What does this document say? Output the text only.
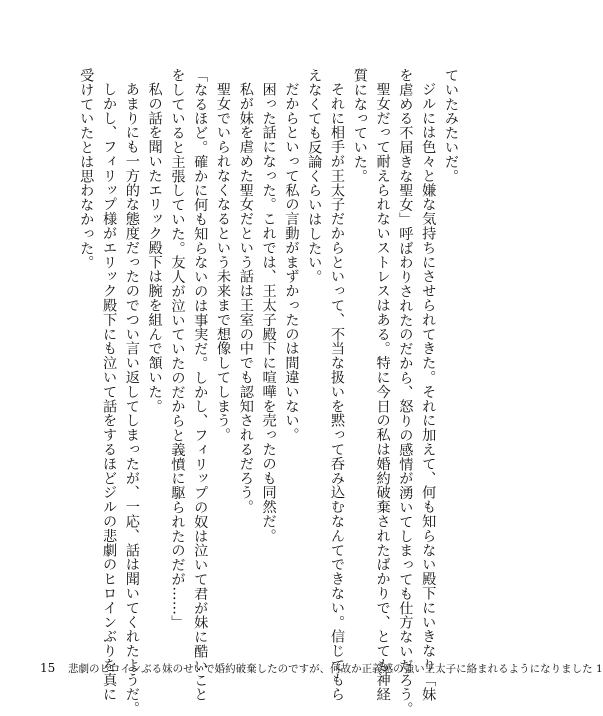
ていたみたいだ。
ジルには色々と嫌な気持ちにさせられてきた。それに加えて、何も知らない殿下にいきなり「妹
を虐める不届きな聖女」呼ばわりされたのだから、怒りの感情が湧いてしまっても仕方ないだろう。
聖女だって耐えられないストレスはある。特に今日の私は婚約破棄されたばかりで、とても神経
質になっていた。
それに相手が王太子だからといって、不当な扱いを黙って呑み込むなんてできない。信じてもら
えなくても反論くらいはしたい。
だからといって私の言動がまずかったのは間違いない。
困った話になった。これでは、王太子殿下に喧嘩を売ったのも同然だ。
私が妹を虐めた聖女だという話は王室の中でも認知されるだろう。
聖女でいられなくなるという未来まで想像してしまう。
「なるほど。確かに何も知らないのは事実だ。しかし、フィリップの奴は泣いて君が妹に酷いこと
をしていると主張していた。友人が泣いていたのだからと義憤に駆られたのだが……」
私の話を聞いたエリック殿下は腕を組んで頷いた。
あまりにも一方的な態度だったのでつい言い返してしまったが、一応、話は聞いてくれたようだ。
しかし、フィリップ様がエリック殿下にも泣いて話をするほどジルの悲劇のヒロインぶりを真に
受けていたとは思わなかった。
15	悲劇のヒロインぶる妹のせいで婚約破棄したのですが、何故か正義感の強い王太子に絡まれるようになりました 1
